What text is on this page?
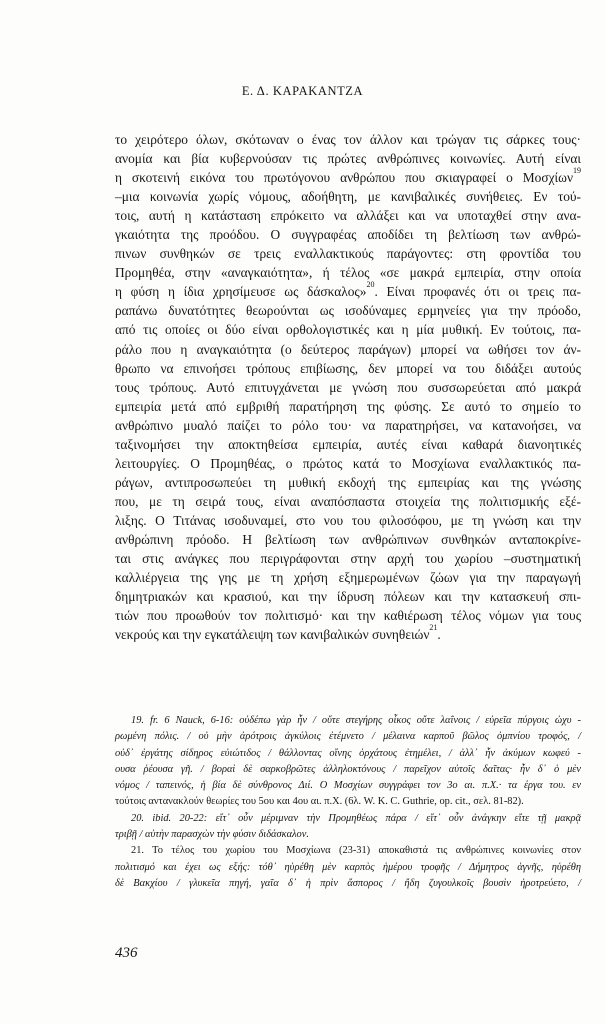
Ε. Δ. ΚΑΡΑΚΑΝΤΖΑ
το χειρότερο όλων, σκότωναν ο ένας τον άλλον και τρώγαν τις σάρκες τους·
ανομία και βία κυβερνούσαν τις πρώτες ανθρώπινες κοινωνίες. Αυτή είναι
η σκοτεινή εικόνα του πρωτόγονου ανθρώπου που σκιαγραφεί ο Μοσχίων$^{19}$
–μια κοινωνία χωρίς νόμους, αδοήθητη, με κανιβαλικές συνήθειες. Εν τού-
τοις, αυτή η κατάσταση επρόκειτο να αλλάξει και να υποταχθεί στην ανα-
γκαιότητα της προόδου. Ο συγγραφέας αποδίδει τη βελτίωση των ανθρώ-
πινων συνθηκών σε τρεις εναλλακτικούς παράγοντες: στη φροντίδα του
Προμηθέα, στην «αναγκαιότητα», ή τέλος «σε μακρά εμπειρία, στην οποία
η φύση η ίδια χρησίμευσε ως δάσκαλος»$^{20}$. Είναι προφανές ότι οι τρεις πα-
ραπάνω δυνατότητες θεωρούνται ως ισοδύναμες ερμηνείες για την πρόοδο,
από τις οποίες οι δύο είναι ορθολογιστικές και η μία μυθική. Εν τούτοις, πα-
ράλο που η αναγκαιότητα (ο δεύτερος παράγων) μπορεί να ωθήσει τον άν-
θρωπο να επινοήσει τρόπους επιβίωσης, δεν μπορεί να του διδάξει αυτούς
τους τρόπους. Αυτό επιτυγχάνεται με γνώση που συσσωρεύεται από μακρά
εμπειρία μετά από εμβριθή παρατήρηση της φύσης. Σε αυτό το σημείο το
ανθρώπινο μυαλό παίζει το ρόλο του· να παρατηρήσει, να κατανοήσει, να
ταξινομήσει την αποκτηθείσα εμπειρία, αυτές είναι καθαρά διανοητικές
λειτουργίες. Ο Προμηθέας, ο πρώτος κατά το Μοσχίωνα εναλλακτικός πα-
ράγων, αντιπροσωπεύει τη μυθική εκδοχή της εμπειρίας και της γνώσης
που, με τη σειρά τους, είναι αναπόσπαστα στοιχεία της πολιτισμικής εξέ-
λιξης. Ο Τιτάνας ισοδυναμεί, στο νου του φιλοσόφου, με τη γνώση και την
ανθρώπινη πρόοδο. Η βελτίωση των ανθρώπινων συνθηκών ανταποκρίνε-
ται στις ανάγκες που περιγράφονται στην αρχή του χωρίου –συστηματική
καλλιέργεια της γης με τη χρήση εξημερωμένων ζώων για την παραγωγή
δημητριακών και κρασιού, και την ίδρυση πόλεων και την κατασκευή σπι-
τιών που προωθούν τον πολιτισμό· και την καθιέρωση τέλος νόμων για τους
νεκρούς και την εγκατάλειψη των κανιβαλικών συνηθειών$^{21}$.
19. fr. 6 Nauck, 6-16: οὐδέπω γὰρ ἦν / οὔτε στεγήρης οἶκος οὔτε λαΐνοις / εὐρεῖα πύργοις ὠχυ -
ρωμένη πόλις. / οὐ μὴν ἀρότροις ἀγκύλοις ἐτέμνετο / μέλαινα καρποῦ βῶλος ὀμπνίου τροφός, /
οὐδ᾽ ἐργάτης σίδηρος εὐιώτιδος / θάλλοντας οἴνης ὀρχάτους ἐτημέλει, / ἀλλ᾽ ἦν ἀκύμων κωφεύ -
ουσα ῥέουσα γῆ. / βοραὶ δὲ σαρκοβρῶτες ἀλληλοκτόνους / παρεῖχον αὐτοῖς δαῖτας· ἦν δ᾽ ὁ μὲν
νόμος / ταπεινός, ἡ βία δὲ σύνθρονος Διί. Ο Μοσχίων συγγράφει τον 3ο αι. π.Χ.· τα έργα του. εν
τούτοις αντανακλούν θεωρίες του 5ου και 4ου αι. π.Χ. (6λ. W. K. C. Guthrie, op. cit., σελ. 81-82).
20. ibid. 20-22: εἴτ᾽ οὖν μέριμναν τὴν Προμηθέως πάρα / εἴτ᾽ οὖν ἀνάγκην εἴτε τῇ μακρᾷ
τριβῇ / αὐτὴν παρασχὼν τὴν φύσιν διδάσκαλον.
21. Το τέλος του χωρίου του Μοσχίωνα (23-31) αποκαθιστά τις ανθρώπινες κοινωνίες στον
πολιτισμό και έχει ως εξής: τόθ᾽ ηὑρέθη μὲν καρπὸς ἡμέρου τροφῆς / Δήμητρος ἁγνῆς, ηὑρέθη
δὲ Βακχίου / γλυκεῖα πηγή, γαῖα δ᾽ ἡ πρὶν ἄσπορος / ἤδη ζυγουλκοῖς βουσὶν ἠροτρεύετο, /
436
